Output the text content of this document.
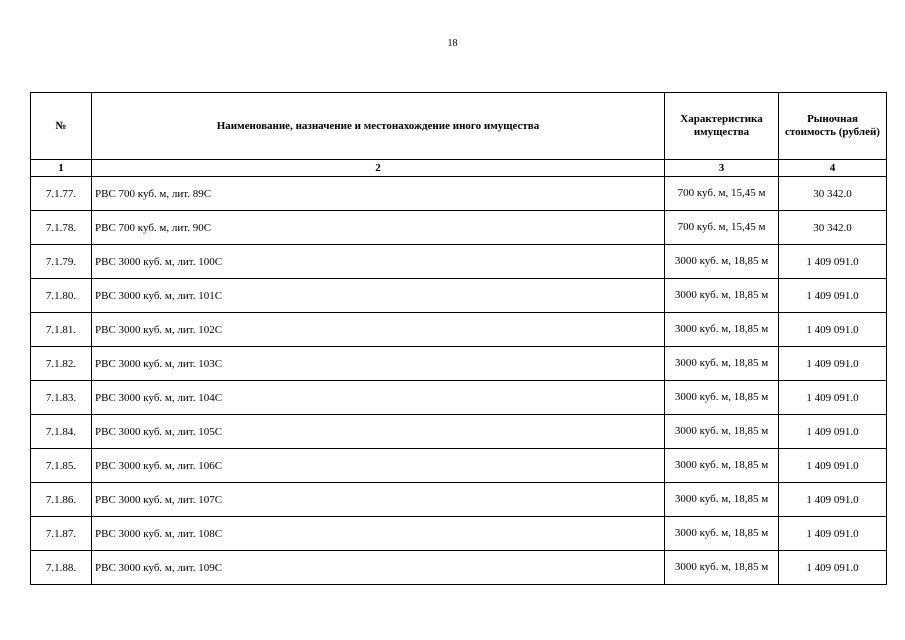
18
№	Наименование, назначение и местонахождение иного имущества	Характеристика имущества	Рыночная стоимость (рублей)
1	2	3	4
7.1.77.	РВС 700 куб. м, лит. 89С	700 куб. м, 15,45 м	30 342.0
7.1.78.	РВС 700 куб. м, лит. 90С	700 куб. м, 15,45 м	30 342.0
7.1.79.	РВС 3000 куб. м, лит. 100С	3000 куб. м, 18,85 м	1 409 091.0
7.1.80.	РВС 3000 куб. м, лит. 101С	3000 куб. м, 18,85 м	1 409 091.0
7.1.81.	РВС 3000 куб. м, лит. 102С	3000 куб. м, 18,85 м	1 409 091.0
7.1.82.	РВС 3000 куб. м, лит. 103С	3000 куб. м, 18,85 м	1 409 091.0
7.1.83.	РВС 3000 куб. м, лит. 104С	3000 куб. м, 18,85 м	1 409 091.0
7.1.84.	РВС 3000 куб. м, лит. 105С	3000 куб. м, 18,85 м	1 409 091.0
7.1.85.	РВС 3000 куб. м, лит. 106С	3000 куб. м, 18,85 м	1 409 091.0
7.1.86.	РВС 3000 куб. м, лит. 107С	3000 куб. м, 18,85 м	1 409 091.0
7.1.87.	РВС 3000 куб. м, лит. 108С	3000 куб. м, 18,85 м	1 409 091.0
7.1.88.	РВС 3000 куб. м, лит. 109С	3000 куб. м, 18,85 м	1 409 091.0
